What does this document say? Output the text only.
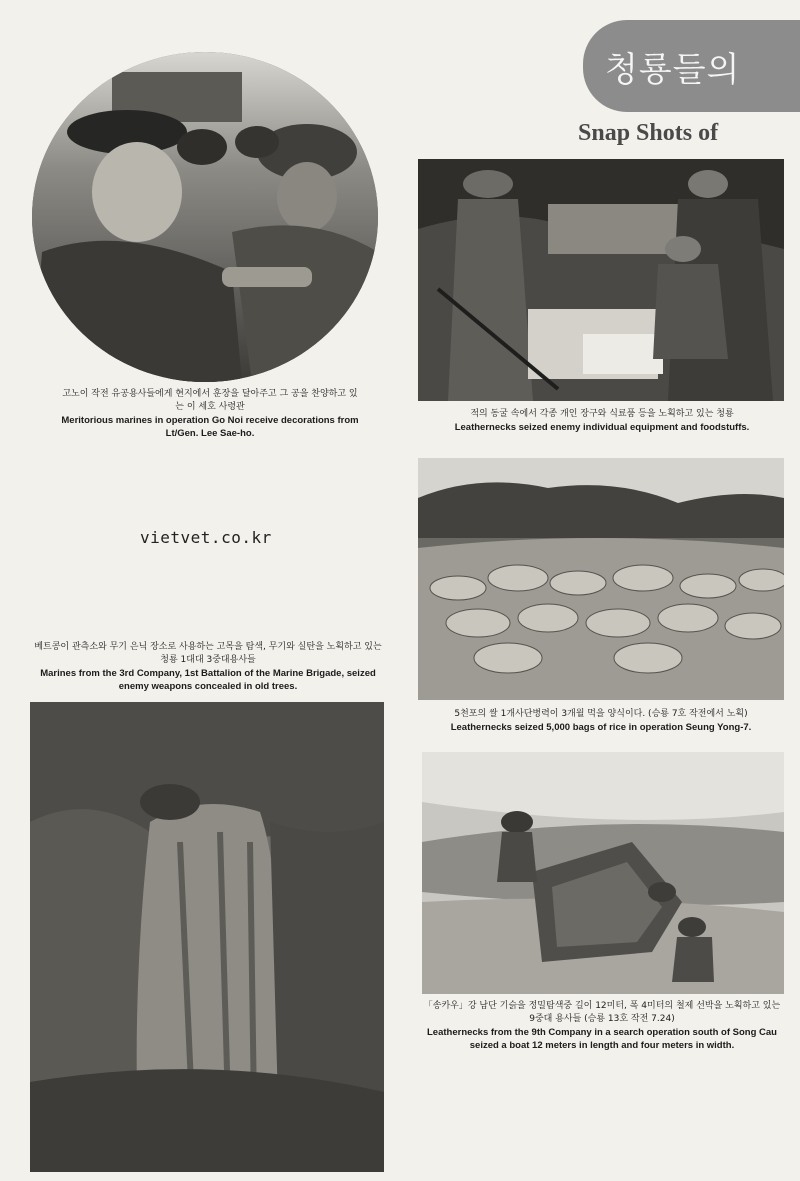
청룡들의
Snap Shots of
고노이 작전 유공용사들에게 현지에서 훈장을 달아주고 그 공을 찬양하고 있는 이 세호 사령관
Meritorious marines in operation Go Noi receive decorations from Lt/Gen. Lee Sae-ho.
적의 동굴 속에서 각종 개인 장구와 식료품 등을 노획하고 있는 청룡
Leathernecks seized enemy individual equipment and foodstuffs.
vietvet.co.kr
베트콩이 관측소와 무기 은닉 장소로 사용하는 고목을 탐색, 무기와 실탄을 노획하고 있는 청룡 1대대 3중대용사들
Marines from the 3rd Company, 1st Battalion of the Marine Brigade, seized enemy weapons concealed in old trees.
5천포의 쌀 1개사단병력이 3개월 먹을 양식이다. (승룡 7호 작전에서 노획)
Leathernecks seized 5,000 bags of rice in operation Seung Yong-7.
「송카우」강 남단 기슭을 정밀탐색중 길이 12미터, 폭 4미터의 철제 선박을 노획하고 있는 9중대 용사들 (승룡 13호 작전 7.24)
Leathernecks from the 9th Company in a search operation south of Song Cau seized a boat 12 meters in length and four meters in width.
